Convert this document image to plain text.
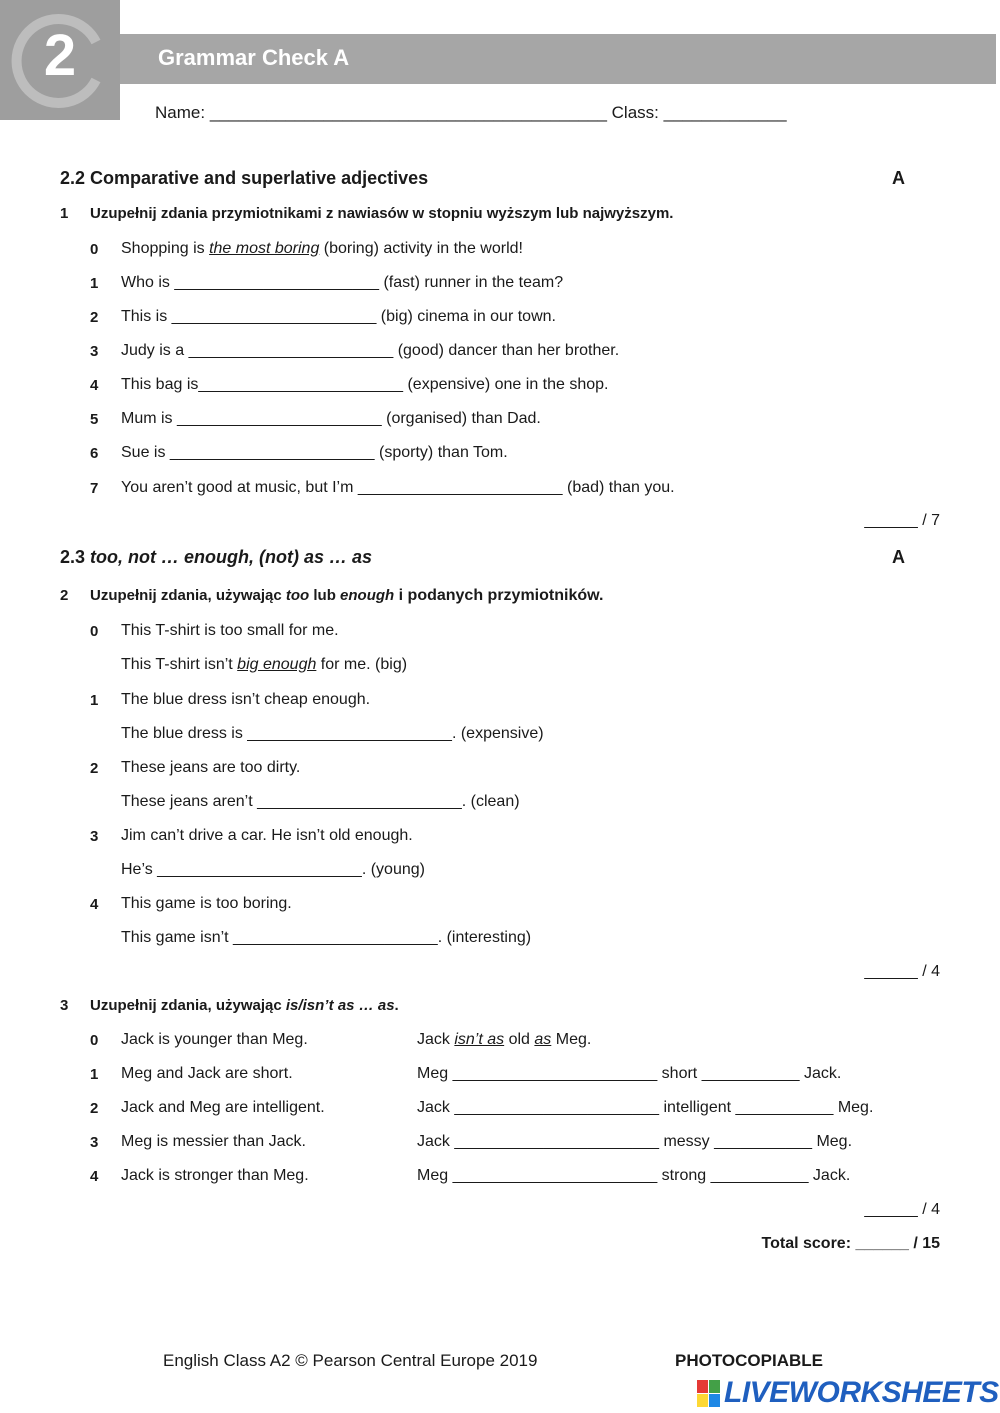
2	Grammar Check A
Name: __________________________________________ Class: _____________
2.2 Comparative and superlative adjectives	A
1 Uzupełnij zdania przymiotnikami z nawiasów w stopniu wyższym lub najwyższym.
0 Shopping is the most boring (boring) activity in the world!
1 Who is _______________________ (fast) runner in the team?
2 This is _______________________ (big) cinema in our town.
3 Judy is a _______________________ (good) dancer than her brother.
4 This bag is_______________________ (expensive) one in the shop.
5 Mum is _______________________ (organised) than Dad.
6 Sue is _______________________ (sporty) than Tom.
7 You aren’t good at music, but I’m _______________________ (bad) than you.
______ / 7
2.3 too, not … enough, (not) as … as	A
2 Uzupełnij zdania, używając too lub enough i podanych przymiotników.
0 This T-shirt is too small for me.
This T-shirt isn’t big enough for me. (big)
1 The blue dress isn’t cheap enough.
The blue dress is _______________________. (expensive)
2 These jeans are too dirty.
These jeans aren’t _______________________. (clean)
3 Jim can’t drive a car. He isn’t old enough.
He’s _______________________. (young)
4 This game is too boring.
This game isn’t _______________________. (interesting)
______ / 4
3 Uzupełnij zdania, używając is/isn’t as … as.
0 Jack is younger than Meg.	Jack isn’t as old as Meg.
1 Meg and Jack are short.	Meg _______________________ short ___________ Jack.
2 Jack and Meg are intelligent.	Jack _______________________ intelligent ___________ Meg.
3 Meg is messier than Jack.	Jack _______________________ messy ___________ Meg.
4 Jack is stronger than Meg.	Meg _______________________ strong ___________ Jack.
______ / 4
Total score: ______ / 15
English Class A2 © Pearson Central Europe 2019	PHOTOCOPIABLE
LIVEWORKSHEETS
